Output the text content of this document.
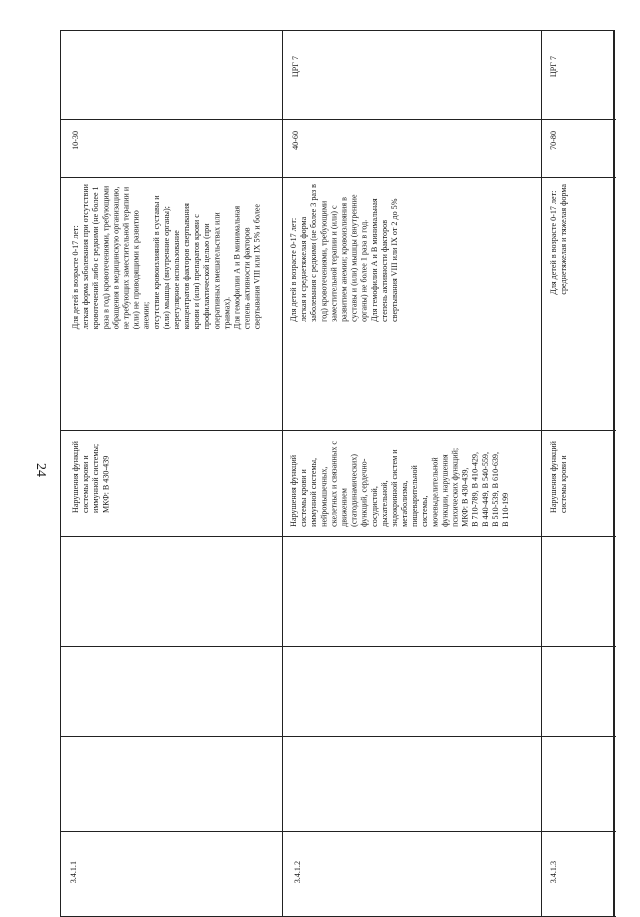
24
3.4.1.1
Нарушения функций системы крови и иммунной системы; МКФ: В 430-439
Для детей в возрасте 0-17 лет: легкая форма заболевания при отсутствии кровотечений либо с редкими (не более 1 раза в год) кровотечениями, требующими обращения в медицинскую организацию, не требующих заместительной терапии и (или) не приводящими к развитию анемии; отсутствие кровоизлияний в суставы и (или) мышцы (внутренние органы); нерегулярное использование концентратов факторов свертывания крови и (или) препаратов крови с профилактической целью (при оперативных вмешательствах или травмах). Для гемофилии А и В минимальная степень активности факторов свертывания VIII или IX 5% и более
10-30
3.4.1.2
Нарушения функций системы крови и иммунной системы, нейромышечных, скелетных и связанных с движением (статодинамических) функций, сердечно- сосудистой, дыхательной, эндокринной систем и метаболизма, пищеварительной системы, мочевыделительной функции, нарушения психических функций; МКФ: В 430-439, В 710-789, В 410-429, В 440-449, В 540-559, В 510-539, В 610-639, В 110-199
Для детей в возрасте 0-17 лет: легкая и среднетяжелая форма заболевания с редкими (не более 3 раз в год) кровотечениями, требующими заместительной терапии и (или) с развитием анемии; кровоизлияния в суставы и (или) мышцы (внутренние органы) не более 1 раза в год. Для гемофилии А и В минимальная степень активности факторов свертывания VIII или IX от 2 до 5%
40-60
ЦРГ 7
3.4.1.3
Нарушения функций системы крови и
Для детей в возрасте 0-17 лет: среднетяжелая и тяжелая форма
70-80
ЦРГ 7
